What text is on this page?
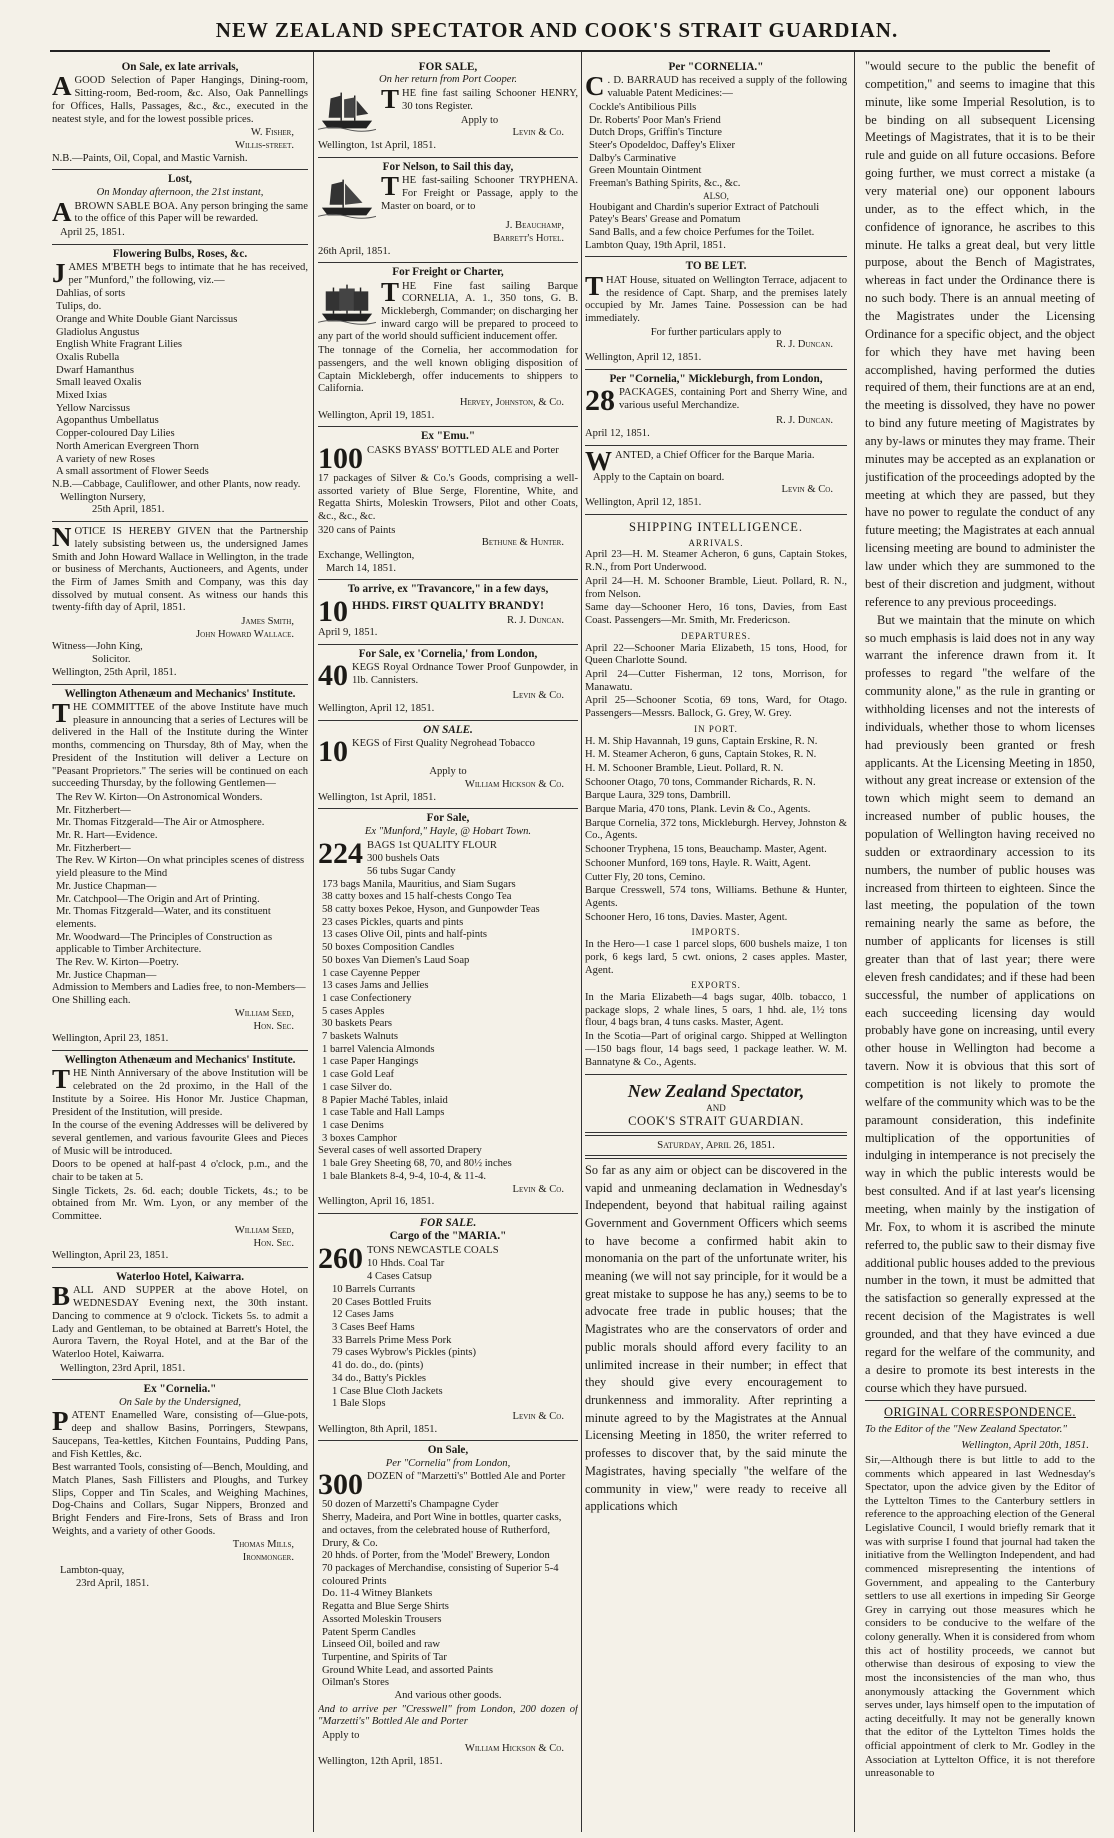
NEW ZEALAND SPECTATOR AND COOK'S STRAIT GUARDIAN.
On Sale, ex late arrivals,
AGOOD Selection of Paper Hangings, Dining-room, Sitting-room, Bed-room, &c. Also, Oak Pannellings for Offices, Halls, Passages, &c., &c., executed in the neatest style, and for the lowest possible prices.
W. Fisher,
Willis-street.
N.B.—Paints, Oil, Copal, and Mastic Varnish.
Lost,
On Monday afternoon, the 21st instant,
ABROWN SABLE BOA. Any person bringing the same to the office of this Paper will be rewarded.
April 25, 1851.
Flowering Bulbs, Roses, &c.
JAMES M'BETH begs to intimate that he has received, per "Munford," the following, viz.—
Dahlias, of sorts
Tulips, do.
Orange and White Double Giant Narcissus
Gladiolus Angustus
English White Fragrant Lilies
Oxalis Rubella
Dwarf Hamanthus
Small leaved Oxalis
Mixed Ixias
Yellow Narcissus
Agopanthus Umbellatus
Copper-coloured Day Lilies
North American Evergreen Thorn
A variety of new Roses
A small assortment of Flower Seeds
N.B.—Cabbage, Cauliflower, and other Plants, now ready.
Wellington Nursery,
25th April, 1851.
NOTICE IS HEREBY GIVEN that the Partnership lately subsisting between us, the undersigned James Smith and John Howard Wallace in Wellington, in the trade or business of Merchants, Auctioneers, and Agents, under the Firm of James Smith and Company, was this day dissolved by mutual consent. As witness our hands this twenty-fifth day of April, 1851.
James Smith,
John Howard Wallace.
Witness—John King,
Solicitor.
Wellington, 25th April, 1851.
Wellington Athenæum and Mechanics' Institute.
THE COMMITTEE of the above Institute have much pleasure in announcing that a series of Lectures will be delivered in the Hall of the Institute during the Winter months, commencing on Thursday, 8th of May, when the President of the Institution will deliver a Lecture on "Peasant Proprietors." The series will be continued on each succeeding Thursday, by the following Gentlemen—
The Rev W. Kirton—On Astronomical Wonders.
Mr. Fitzherbert—
Mr. Thomas Fitzgerald—The Air or Atmosphere.
Mr. R. Hart—Evidence.
Mr. Fitzherbert—
The Rev. W Kirton—On what principles scenes of distress yield pleasure to the Mind
Mr. Justice Chapman—
Mr. Catchpool—The Origin and Art of Printing.
Mr. Thomas Fitzgerald—Water, and its constituent elements.
Mr. Woodward—The Principles of Construction as applicable to Timber Architecture.
The Rev. W. Kirton—Poetry.
Mr. Justice Chapman—
Admission to Members and Ladies free, to non-Members—One Shilling each.
William Seed,
Hon. Sec.
Wellington, April 23, 1851.
Wellington Athenæum and Mechanics' Institute.
THE Ninth Anniversary of the above Institution will be celebrated on the 2d proximo, in the Hall of the Institute by a Soiree. His Honor Mr. Justice Chapman, President of the Institution, will preside.
In the course of the evening Addresses will be delivered by several gentlemen, and various favourite Glees and Pieces of Music will be introduced.
Doors to be opened at half-past 4 o'clock, p.m., and the chair to be taken at 5.
Single Tickets, 2s. 6d. each; double Tickets, 4s.; to be obtained from Mr. Wm. Lyon, or any member of the Committee.
William Seed,
Hon. Sec.
Wellington, April 23, 1851.
Waterloo Hotel, Kaiwarra.
BALL AND SUPPER at the above Hotel, on WEDNESDAY Evening next, the 30th instant. Dancing to commence at 9 o'clock. Tickets 5s. to admit a Lady and Gentleman, to be obtained at Barrett's Hotel, the Aurora Tavern, the Royal Hotel, and at the Bar of the Waterloo Hotel, Kaiwarra.
Wellington, 23rd April, 1851.
Ex "Cornelia."
On Sale by the Undersigned,
PATENT Enamelled Ware, consisting of—Glue-pots, deep and shallow Basins, Porringers, Stewpans, Saucepans, Tea-kettles, Kitchen Fountains, Pudding Pans, and Fish Kettles, &c.
Best warranted Tools, consisting of—Bench, Moulding, and Match Planes, Sash Fillisters and Ploughs, and Turkey Slips, Copper and Tin Scales, and Weighing Machines, Dog-Chains and Collars, Sugar Nippers, Bronzed and Bright Fenders and Fire-Irons, Sets of Brass and Iron Weights, and a variety of other Goods.
Thomas Mills,
Ironmonger.
Lambton-quay,
23rd April, 1851.
FOR SALE,
On her return from Port Cooper.
THE fine fast sailing Schooner HENRY, 30 tons Register.
Apply to
Levin & Co.
Wellington, 1st April, 1851.
For Nelson, to Sail this day,
THE fast-sailing Schooner TRYPHENA. For Freight or Passage, apply to the Master on board, or to
J. Beauchamp,
Barrett's Hotel.
26th April, 1851.
For Freight or Charter,
THE Fine fast sailing Barque CORNELIA, A. 1., 350 tons, G. B. Micklebergh, Commander; on discharging her inward cargo will be prepared to proceed to any part of the world should sufficient inducement offer.
The tonnage of the Cornelia, her accommodation for passengers, and the well known obliging disposition of Captain Micklebergh, offer inducements to shippers to California.
Hervey, Johnston, & Co.
Wellington, April 19, 1851.
Ex "Emu."
100 CASKS BYASS' BOTTLED ALE and Porter
17 packages of Silver & Co.'s Goods, comprising a well-assorted variety of Blue Serge, Florentine, White, and Regatta Shirts, Moleskin Trowsers, Pilot and other Coats, &c., &c., &c.
320 cans of Paints
Bethune & Hunter.
Exchange, Wellington,
March 14, 1851.
To arrive, ex "Travancore," in a few days,
10 HHDS. FIRST QUALITY BRANDY!
R. J. Duncan.
April 9, 1851.
For Sale, ex 'Cornelia,' from London,
40 KEGS Royal Ordnance Tower Proof Gunpowder, in 1lb. Cannisters.
Levin & Co.
Wellington, April 12, 1851.
ON SALE.
10 KEGS of First Quality Negrohead Tobacco
Apply to
William Hickson & Co.
Wellington, 1st April, 1851.
For Sale,
Ex "Munford," Hayle, @ Hobart Town.
224 BAGS 1st QUALITY FLOUR
300 bushels Oats
56 tubs Sugar Candy
173 bags Manila, Mauritius, and Siam Sugars
38 catty boxes and 15 half-chests Congo Tea
58 catty boxes Pekoe, Hyson, and Gunpowder Teas
23 cases Pickles, quarts and pints
13 cases Olive Oil, pints and half-pints
50 boxes Composition Candles
50 boxes Van Diemen's Laud Soap
1 case Cayenne Pepper
13 cases Jams and Jellies
1 case Confectionery
5 cases Apples
30 baskets Pears
7 baskets Walnuts
1 barrel Valencia Almonds
1 case Paper Hangings
1 case Gold Leaf
1 case Silver do.
8 Papier Maché Tables, inlaid
1 case Table and Hall Lamps
1 case Denims
3 boxes Camphor
Several cases of well assorted Drapery
1 bale Grey Sheeting 68, 70, and 80½ inches
1 bale Blankets 8-4, 9-4, 10-4, & 11-4.
Levin & Co.
Wellington, April 16, 1851.
FOR SALE.
Cargo of the "MARIA."
260 TONS NEWCASTLE COALS
10 Hhds. Coal Tar
4 Cases Catsup
10 Barrels Currants
20 Cases Bottled Fruits
12 Cases Jams
3 Cases Beef Hams
33 Barrels Prime Mess Pork
79 cases Wybrow's Pickles (pints)
41 do. do., do. (pints)
34 do., Batty's Pickles
1 Case Blue Cloth Jackets
1 Bale Slops
Levin & Co.
Wellington, 8th April, 1851.
On Sale,
Per "Cornelia" from London,
300 DOZEN of "Marzetti's" Bottled Ale and Porter
50 dozen of Marzetti's Champagne Cyder
Sherry, Madeira, and Port Wine in bottles, quarter casks, and octaves, from the celebrated house of Rutherford, Drury, & Co.
20 hhds. of Porter, from the 'Model' Brewery, London
70 packages of Merchandise, consisting of Superior 5-4 coloured Prints
Do. 11-4 Witney Blankets
Regatta and Blue Serge Shirts
Assorted Moleskin Trousers
Patent Sperm Candles
Linseed Oil, boiled and raw
Turpentine, and Spirits of Tar
Ground White Lead, and assorted Paints
Oilman's Stores
And various other goods.
And to arrive per "Cresswell" from London, 200 dozen of "Marzetti's" Bottled Ale and Porter
Apply to
William Hickson & Co.
Wellington, 12th April, 1851.
Per "CORNELIA."
C . D. BARRAUD has received a supply of the following valuable Patent Medicines:—
Cockle's Antibilious Pills
Dr. Roberts' Poor Man's Friend
Dutch Drops, Griffin's Tincture
Steer's Opodeldoc, Daffey's Elixer
Dalby's Carminative
Green Mountain Ointment
Freeman's Bathing Spirits, &c., &c.
ALSO,
Houbigant and Chardin's superior Extract of Patchouli
Patey's Bears' Grease and Pomatum
Sand Balls, and a few choice Perfumes for the Toilet.
Lambton Quay, 19th April, 1851.
TO BE LET.
THAT House, situated on Wellington Terrace, adjacent to the residence of Capt. Sharp, and the premises lately occupied by Mr. James Taine. Possession can be had immediately.
For further particulars apply to
R. J. Duncan.
Wellington, April 12, 1851.
Per "Cornelia," Mickleburgh, from London,
28 PACKAGES, containing Port and Sherry Wine, and various useful Merchandize.
R. J. Duncan.
April 12, 1851.
WANTED, a Chief Officer for the Barque Maria.
Apply to the Captain on board.
Levin & Co.
Wellington, April 12, 1851.
SHIPPING INTELLIGENCE.
ARRIVALS.
April 23—H. M. Steamer Acheron, 6 guns, Captain Stokes, R.N., from Port Underwood.
April 24—H. M. Schooner Bramble, Lieut. Pollard, R. N., from Nelson.
Same day—Schooner Hero, 16 tons, Davies, from East Coast. Passengers—Mr. Smith, Mr. Fredericson.
DEPARTURES.
April 22—Schooner Maria Elizabeth, 15 tons, Hood, for Queen Charlotte Sound.
April 24—Cutter Fisherman, 12 tons, Morrison, for Manawatu.
April 25—Schooner Scotia, 69 tons, Ward, for Otago. Passengers—Messrs. Ballock, G. Grey, W. Grey.
IN PORT.
H. M. Ship Havannah, 19 guns, Captain Erskine, R. N.
H. M. Steamer Acheron, 6 guns, Captain Stokes, R. N.
H. M. Schooner Bramble, Lieut. Pollard, R. N.
Schooner Otago, 70 tons, Commander Richards, R. N.
Barque Laura, 329 tons, Dambrill.
Barque Maria, 470 tons, Plank. Levin & Co., Agents.
Barque Cornelia, 372 tons, Mickleburgh. Hervey, Johnston & Co., Agents.
Schooner Tryphena, 15 tons, Beauchamp. Master, Agent.
Schooner Munford, 169 tons, Hayle. R. Waitt, Agent.
Cutter Fly, 20 tons, Cemino.
Barque Cresswell, 574 tons, Williams. Bethune & Hunter, Agents.
Schooner Hero, 16 tons, Davies. Master, Agent.
IMPORTS.
In the Hero—1 case 1 parcel slops, 600 bushels maize, 1 ton pork, 6 kegs lard, 5 cwt. onions, 2 cases apples. Master, Agent.
EXPORTS.
In the Maria Elizabeth—4 bags sugar, 40lb. tobacco, 1 package slops, 2 whale lines, 5 oars, 1 hhd. ale, 1½ tons flour, 4 bags bran, 4 tuns casks. Master, Agent.
In the Scotia—Part of original cargo. Shipped at Wellington—150 bags flour, 14 bags seed, 1 package leather. W. M. Bannatyne & Co., Agents.
New Zealand Spectator,
AND
COOK'S STRAIT GUARDIAN.
Saturday, April 26, 1851.

So far as any aim or object can be discovered in the vapid and unmeaning declamation in Wednesday's Independent, beyond that habitual railing against Government and Government Officers which seems to have become a confirmed habit akin to monomania on the part of the unfortunate writer, his meaning (we will not say principle, for it would be a great mistake to suppose he has any,) seems to be to advocate free trade in public houses; that the Magistrates who are the conservators of order and public morals should afford every facility to an unlimited increase in their number; in effect that they should give every encouragement to drunkenness and immorality. After reprinting a minute agreed to by the Magistrates at the Annual Licensing Meeting in 1850, the writer referred to professes to discover that, by the said minute the Magistrates, having specially "the welfare of the community in view," were ready to receive all applications which

"would secure to the public the benefit of competition," and seems to imagine that this minute, like some Imperial Resolution, is to be binding on all subsequent Licensing Meetings of Magistrates, that it is to be their rule and guide on all future occasions. Before going further, we must correct a mistake (a very material one) our opponent labours under, as to the effect which, in the confidence of ignorance, he ascribes to this minute. He talks a great deal, but very little purpose, about the Bench of Magistrates, whereas in fact under the Ordinance there is no such body. There is an annual meeting of the Magistrates under the Licensing Ordinance for a specific object, and the object for which they have met having been accomplished, having performed the duties required of them, their functions are at an end, the meeting is dissolved, they have no power to bind any future meeting of Magistrates by any by-laws or minutes they may frame. Their minutes may be accepted as an explanation or justification of the proceedings adopted by the meeting at which they are passed, but they have no power to regulate the conduct of any future meeting; the Magistrates at each annual licensing meeting are bound to administer the law under which they are summoned to the best of their discretion and judgment, without reference to any previous proceedings.

But we maintain that the minute on which so much emphasis is laid does not in any way warrant the inference drawn from it. It professes to regard "the welfare of the community alone," as the rule in granting or withholding licenses and not the interests of individuals, whether those to whom licenses had previously been granted or fresh applicants. At the Licensing Meeting in 1850, without any great increase or extension of the town which might seem to demand an increased number of public houses, the population of Wellington having received no sudden or extraordinary accession to its numbers, the number of public houses was increased from thirteen to eighteen. Since the last meeting, the population of the town remaining nearly the same as before, the number of applicants for licenses is still greater than that of last year; there were eleven fresh candidates; and if these had been successful, the number of applications on each succeeding licensing day would probably have gone on increasing, until every other house in Wellington had become a tavern. Now it is obvious that this sort of competition is not likely to promote the welfare of the community which was to be the paramount consideration, this indefinite multiplication of the opportunities of indulging in intemperance is not precisely the way in which the public interests would be best consulted. And if at last year's licensing meeting, when mainly by the instigation of Mr. Fox, to whom it is ascribed the minute referred to, the public saw to their dismay five additional public houses added to the previous number in the town, it must be admitted that the satisfaction so generally expressed at the recent decision of the Magistrates is well grounded, and that they have evinced a due regard for the welfare of the community, and a desire to promote its best interests in the course which they have pursued.

ORIGINAL CORRESPONDENCE.
To the Editor of the "New Zealand Spectator."
Wellington, April 20th, 1851.

Sir,—Although there is but little to add to the comments which appeared in last Wednesday's Spectator, upon the advice given by the Editor of the Lyttelton Times to the Canterbury settlers in reference to the approaching election of the General Legislative Council, I would briefly remark that it was with surprise I found that journal had taken the initiative from the Wellington Independent, and had commenced misrepresenting the intentions of Government, and appealing to the Canterbury settlers to use all exertions in impeding Sir George Grey in carrying out those measures which he considers to be conducive to the welfare of the colony generally. When it is considered from whom this act of hostility proceeds, we cannot but otherwise than desirous of exposing to view the most the inconsistencies of the man who, thus anonymously attacking the Government which serves under, lays himself open to the imputation of acting deceitfully. It may not be generally known that the editor of the Lyttelton Times holds the official appointment of clerk to Mr. Godley in the Association at Lyttelton Office, it is not therefore unreasonable to
